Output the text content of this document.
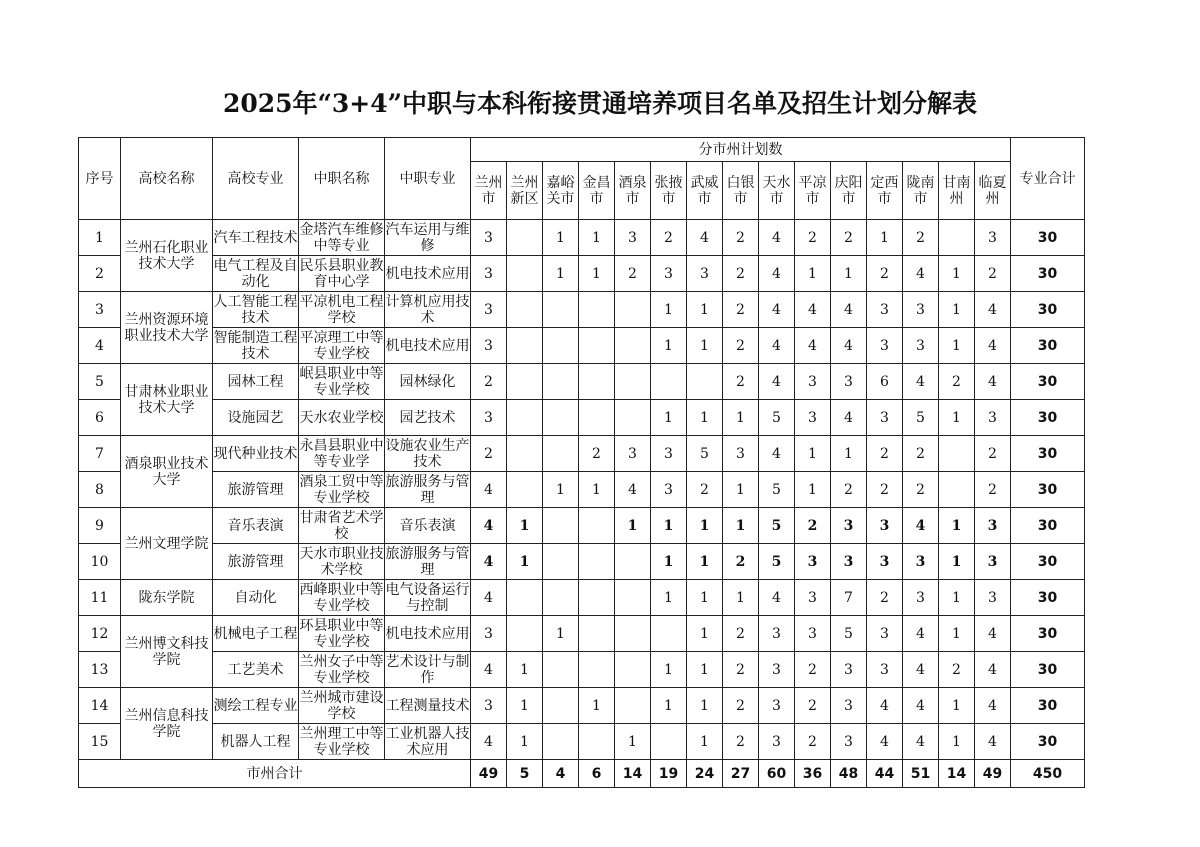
2025年“3+4”中职与本科衔接贯通培养项目名单及招生计划分解表
序号	高校名称	高校专业	中职名称	中职专业	分市州计划数															专业合计
					兰州市	兰州新区	嘉峪关市	金昌市	酒泉市	张掖市	武威市	白银市	天水市	平凉市	庆阳市	定西市	陇南市	甘南州	临夏州	
1	兰州石化职业技术大学	汽车工程技术	金塔汽车维修中等专业	汽车运用与维修	3		1	1	3	2	4	2	4	2	2	1	2		3	30
2		电气工程及自动化	民乐县职业教育中心学	机电技术应用	3		1	1	2	3	3	2	4	1	1	2	4	1	2	30
3	兰州资源环境职业技术大学	人工智能工程技术	平凉机电工程学校	计算机应用技术	3					1	1	2	4	4	4	3	3	1	4	30
4		智能制造工程技术	平凉理工中等专业学校	机电技术应用	3					1	1	2	4	4	4	3	3	1	4	30
5	甘肃林业职业技术大学	园林工程	岷县职业中等专业学校	园林绿化	2							2	4	3	3	6	4	2	4	30
6		设施园艺	天水农业学校	园艺技术	3					1	1	1	5	3	4	3	5	1	3	30
7	酒泉职业技术大学	现代种业技术	永昌县职业中等专业学	设施农业生产技术	2			2	3	3	5	3	4	1	1	2	2		2	30
8		旅游管理	酒泉工贸中等专业学校	旅游服务与管理	4		1	1	4	3	2	1	5	1	2	2	2		2	30
9	兰州文理学院	音乐表演	甘肃省艺术学校	音乐表演	4	1			1	1	1	1	5	2	3	3	4	1	3	30
10		旅游管理	天水市职业技术学校	旅游服务与管理	4	1				1	1	2	5	3	3	3	3	1	3	30
11	陇东学院	自动化	西峰职业中等专业学校	电气设备运行与控制	4					1	1	1	4	3	7	2	3	1	3	30
12	兰州博文科技学院	机械电子工程	环县职业中等专业学校	机电技术应用	3		1				1	2	3	3	5	3	4	1	4	30
13		工艺美术	兰州女子中等专业学校	艺术设计与制作	4	1				1	1	2	3	2	3	3	4	2	4	30
14	兰州信息科技学院	测绘工程专业	兰州城市建设学校	工程测量技术	3	1		1		1	1	2	3	2	3	4	4	1	4	30
15		机器人工程	兰州理工中等专业学校	工业机器人技术应用	4	1			1		1	2	3	2	3	4	4	1	4	30
市州合计					49	5	4	6	14	19	24	27	60	36	48	44	51	14	49	450
